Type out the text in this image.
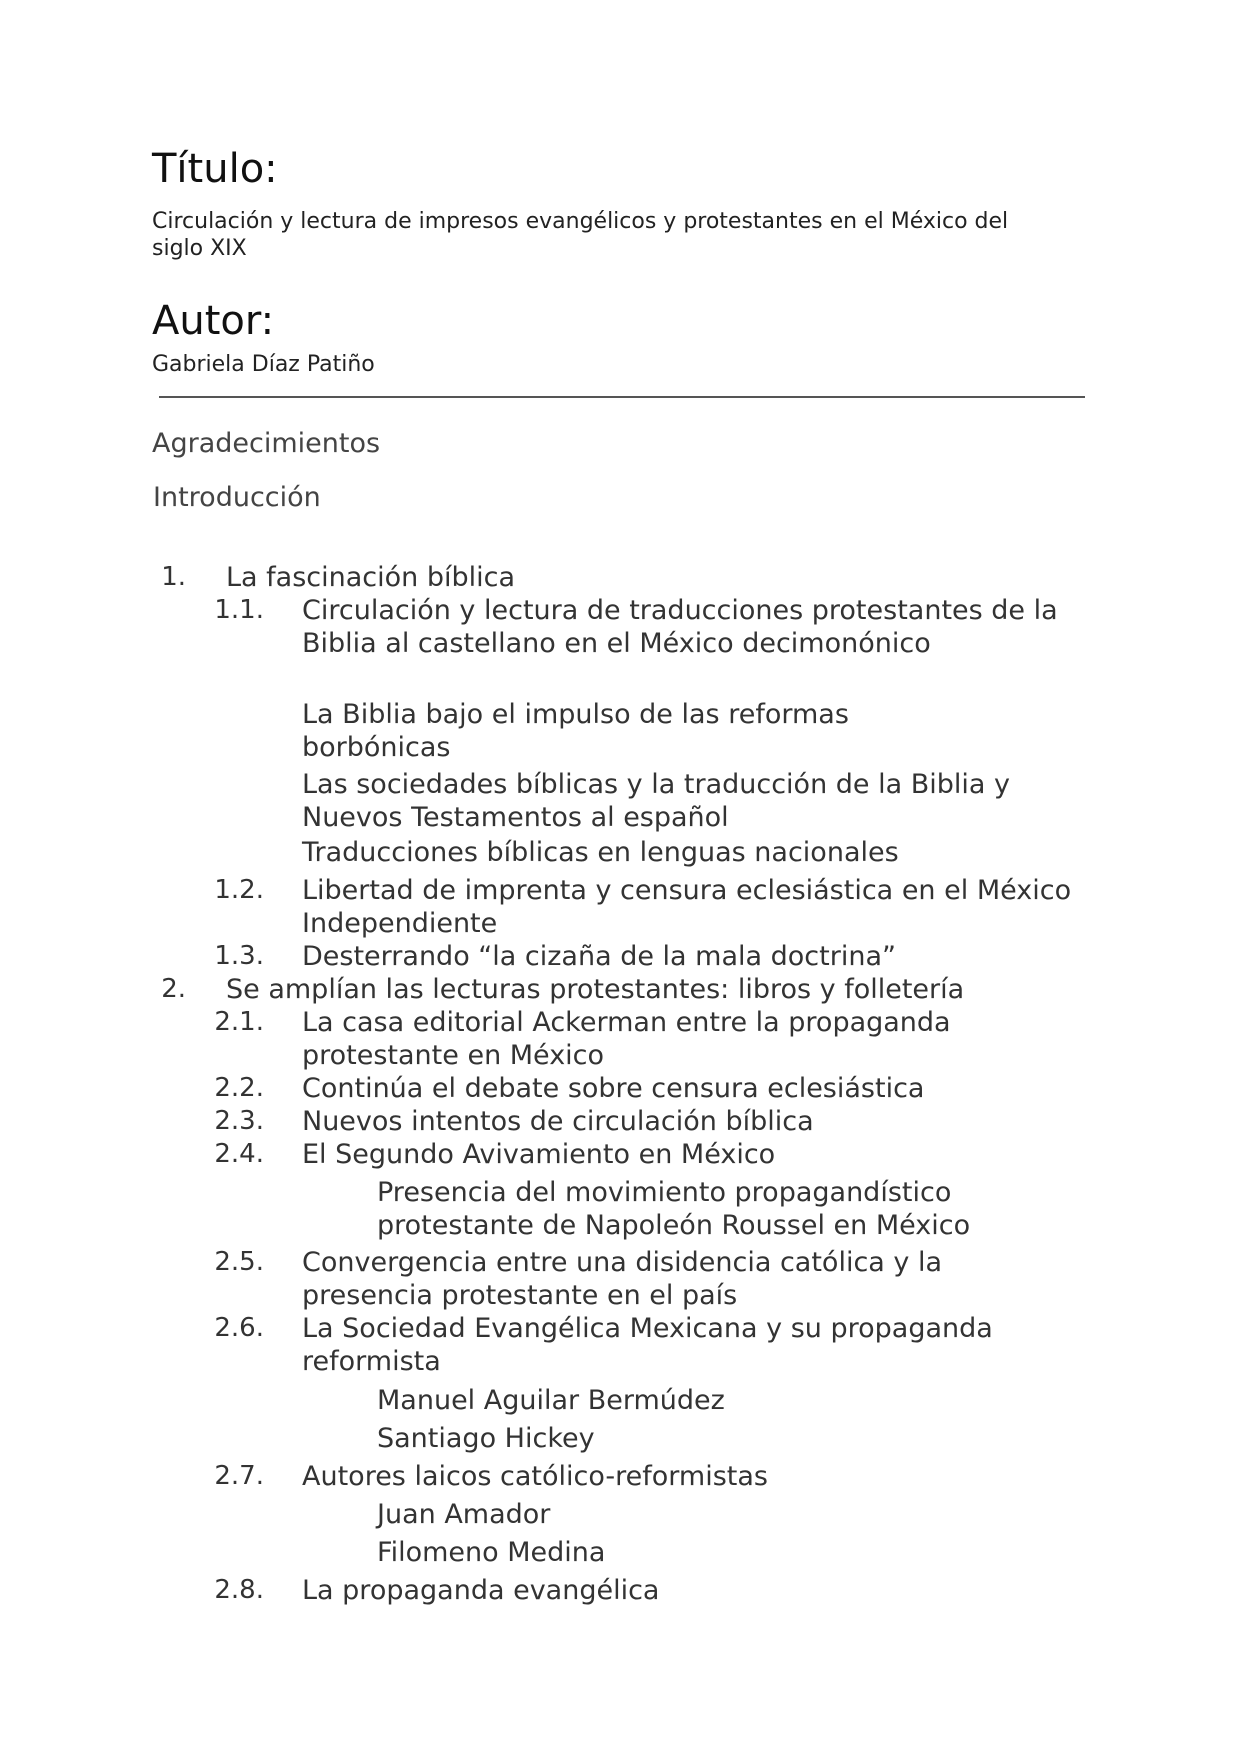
Título:
Circulación y lectura de impresos evangélicos y protestantes en el México del siglo XIX
Autor:
Gabriela Díaz Patiño
Agradecimientos
Introducción
1. La fascinación bíblica
1.1. Circulación y lectura de traducciones protestantes de la Biblia al castellano en el México decimonónico
La Biblia bajo el impulso de las reformas borbónicas
Las sociedades bíblicas y la traducción de la Biblia y Nuevos Testamentos al español
Traducciones bíblicas en lenguas nacionales
1.2. Libertad de imprenta y censura eclesiástica en el México Independiente
1.3. Desterrando “la cizaña de la mala doctrina”
2. Se amplían las lecturas protestantes: libros y folletería
2.1. La casa editorial Ackerman entre la propaganda protestante en México
2.2. Continúa el debate sobre censura eclesiástica
2.3. Nuevos intentos de circulación bíblica
2.4. El Segundo Avivamiento en México
Presencia del movimiento propagandístico protestante de Napoleón Roussel en México
2.5. Convergencia entre una disidencia católica y la presencia protestante en el país
2.6. La Sociedad Evangélica Mexicana y su propaganda reformista
Manuel Aguilar Bermúdez
Santiago Hickey
2.7. Autores laicos católico-reformistas
Juan Amador
Filomeno Medina
2.8. La propaganda evangélica
